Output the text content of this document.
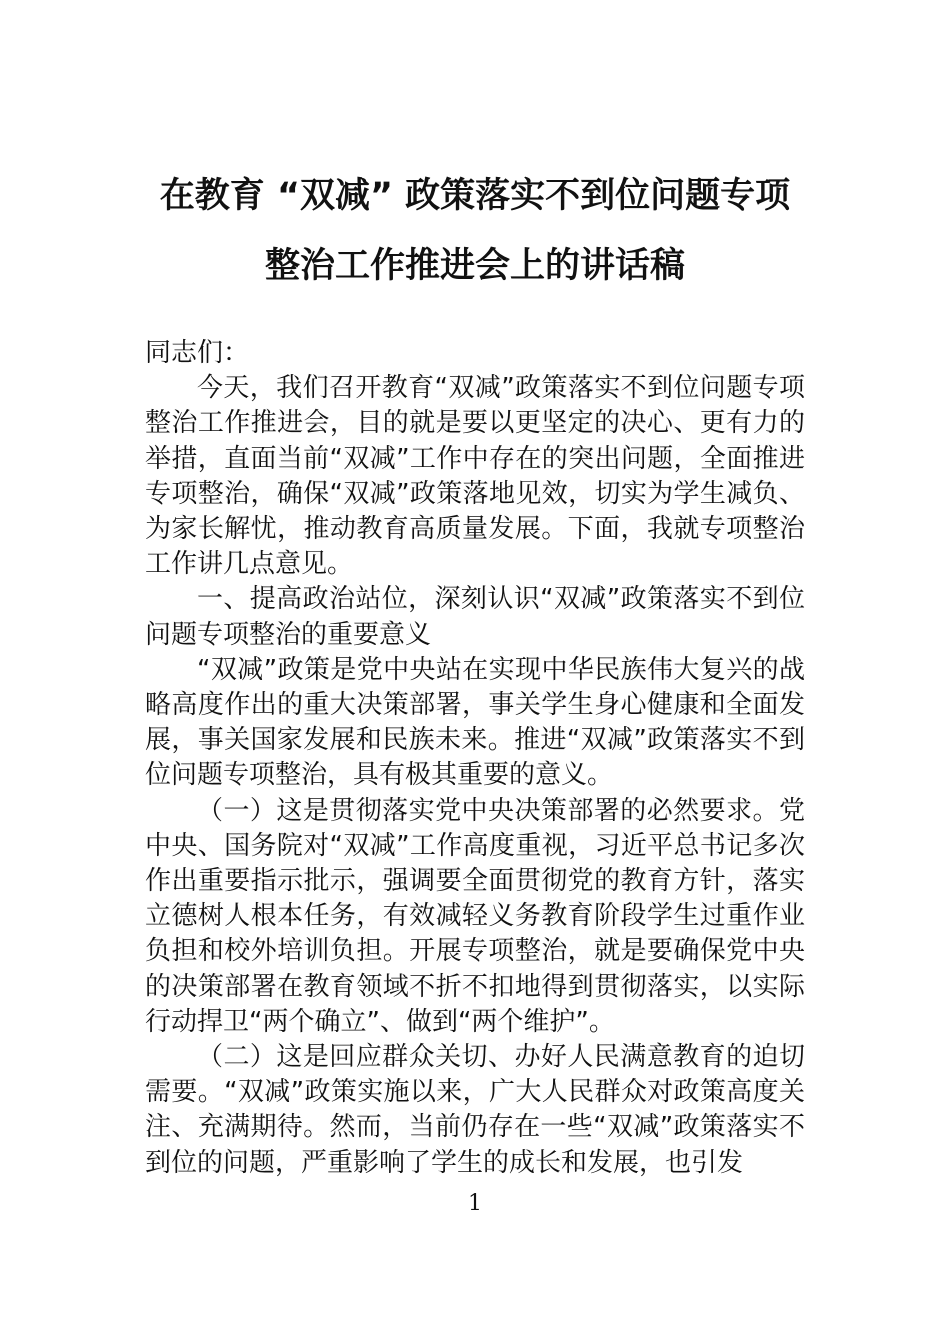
在教育 “双减” 政策落实不到位问题专项
整治工作推进会上的讲话稿

同志们：

今天，我们召开教育“双减”政策落实不到位问题专项整治工作推进会，目的就是要以更坚定的决心、更有力的举措，直面当前“双减”工作中存在的突出问题，全面推进专项整治，确保“双减”政策落地见效，切实为学生减负、为家长解忧，推动教育高质量发展。下面，我就专项整治工作讲几点意见。

一、提高政治站位，深刻认识“双减”政策落实不到位问题专项整治的重要意义

“双减”政策是党中央站在实现中华民族伟大复兴的战略高度作出的重大决策部署，事关学生身心健康和全面发展，事关国家发展和民族未来。推进“双减”政策落实不到位问题专项整治，具有极其重要的意义。

（一）这是贯彻落实党中央决策部署的必然要求。党中央、国务院对“双减”工作高度重视，习近平总书记多次作出重要指示批示，强调要全面贯彻党的教育方针，落实立德树人根本任务，有效减轻义务教育阶段学生过重作业负担和校外培训负担。开展专项整治，就是要确保党中央的决策部署在教育领域不折不扣地得到贯彻落实，以实际行动捍卫“两个确立”、做到“两个维护”。

（二）这是回应群众关切、办好人民满意教育的迫切需要。“双减”政策实施以来，广大人民群众对政策高度关注、充满期待。然而，当前仍存在一些“双减”政策落实不到位的问题，严重影响了学生的成长和发展，也引发

1
